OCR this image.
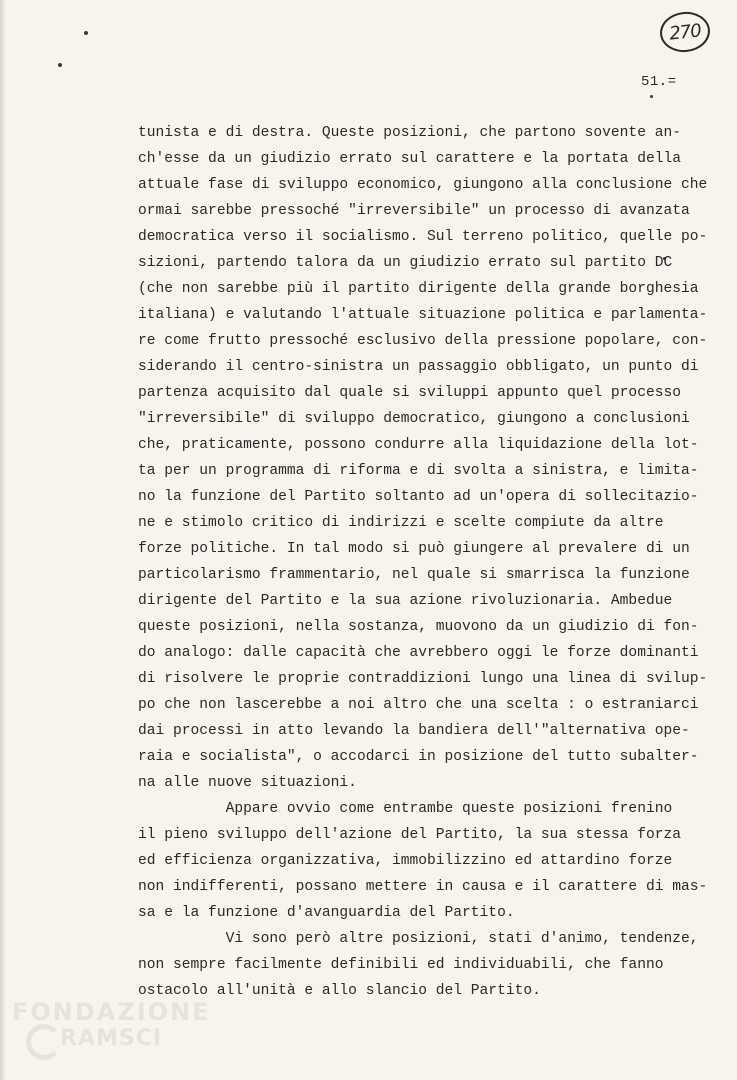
270
51.=
tunista e di destra. Queste posizioni, che partono sovente an-
ch'esse da un giudizio errato sul carattere e la portata della
attuale fase di sviluppo economico, giungono alla conclusione che
ormai sarebbe pressoché "irreversibile" un processo di avanzata
democratica verso il socialismo. Sul terreno politico, quelle po-
sizioni, partendo talora da un giudizio errato sul partito DC
(che non sarebbe più il partito dirigente della grande borghesia
italiana) e valutando l'attuale situazione politica e parlamenta-
re come frutto pressoché esclusivo della pressione popolare, con-
siderando il centro-sinistra un passaggio obbligato, un punto di
partenza acquisito dal quale si sviluppi appunto quel processo
"irreversibile" di sviluppo democratico, giungono a conclusioni
che, praticamente, possono condurre alla liquidazione della lot-
ta per un programma di riforma e di svolta a sinistra, e limita-
no la funzione del Partito soltanto ad un'opera di sollecitazio-
ne e stimolo critico di indirizzi e scelte compiute da altre
forze politiche. In tal modo si può giungere al prevalere di un
particolarismo frammentario, nel quale si smarrisca la funzione
dirigente del Partito e la sua azione rivoluzionaria. Ambedue
queste posizioni, nella sostanza, muovono da un giudizio di fon-
do analogo: dalle capacità che avrebbero oggi le forze dominanti
di risolvere le proprie contraddizioni lungo una linea di svilup-
po che non lascerebbe a noi altro che una scelta : o estraniarci
dai processi in atto levando la bandiera dell'"alternativa ope-
raia e socialista", o accodarci in posizione del tutto subalter-
na alle nuove situazioni.
Appare ovvio come entrambe queste posizioni frenino
il pieno sviluppo dell'azione del Partito, la sua stessa forza
ed efficienza organizzativa, immobilizzino ed attardino forze
non indifferenti, possano mettere in causa e il carattere di mas-
sa e la funzione d'avanguardia del Partito.
Vi sono però altre posizioni, stati d'animo, tendenze,
non sempre facilmente definibili ed individuabili, che fanno
ostacolo all'unità e allo slancio del Partito.
FONDAZIONE
RAMSCI
